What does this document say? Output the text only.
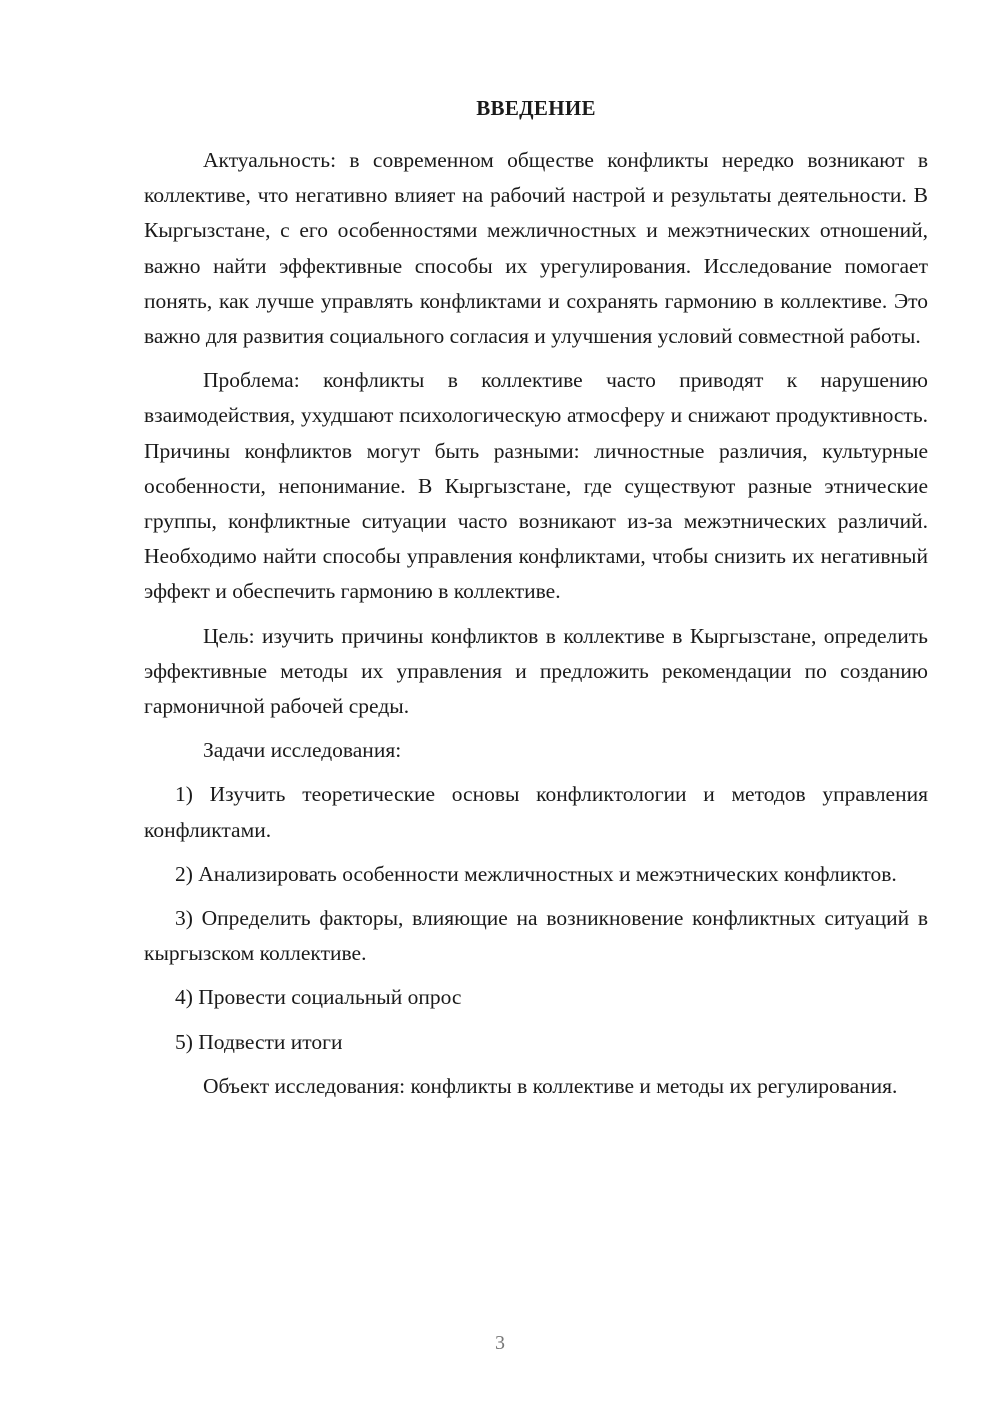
ВВЕДЕНИЕ

Актуальность: в современном обществе конфликты нередко возникают в коллективе, что негативно влияет на рабочий настрой и результаты деятельности. В Кыргызстане, с его особенностями межличностных и межэтнических отношений, важно найти эффективные способы их урегулирования. Исследование помогает понять, как лучше управлять конфликтами и сохранять гармонию в коллективе. Это важно для развития социального согласия и улучшения условий совместной работы.

Проблема: конфликты в коллективе часто приводят к нарушению взаимодействия, ухудшают психологическую атмосферу и снижают продуктивность. Причины конфликтов могут быть разными: личностные различия, культурные особенности, непонимание. В Кыргызстане, где существуют разные этнические группы, конфликтные ситуации часто возникают из-за межэтнических различий. Необходимо найти способы управления конфликтами, чтобы снизить их негативный эффект и обеспечить гармонию в коллективе.

Цель: изучить причины конфликтов в коллективе в Кыргызстане, определить эффективные методы их управления и предложить рекомендации по созданию гармоничной рабочей среды.

Задачи исследования:

1) Изучить теоретические основы конфликтологии и методов управления конфликтами.

2) Анализировать особенности межличностных и межэтнических конфликтов.

3) Определить факторы, влияющие на возникновение конфликтных ситуаций в кыргызском коллективе.

4) Провести социальный опрос

5) Подвести итоги

Объект исследования: конфликты в коллективе и методы их регулирования.

3
